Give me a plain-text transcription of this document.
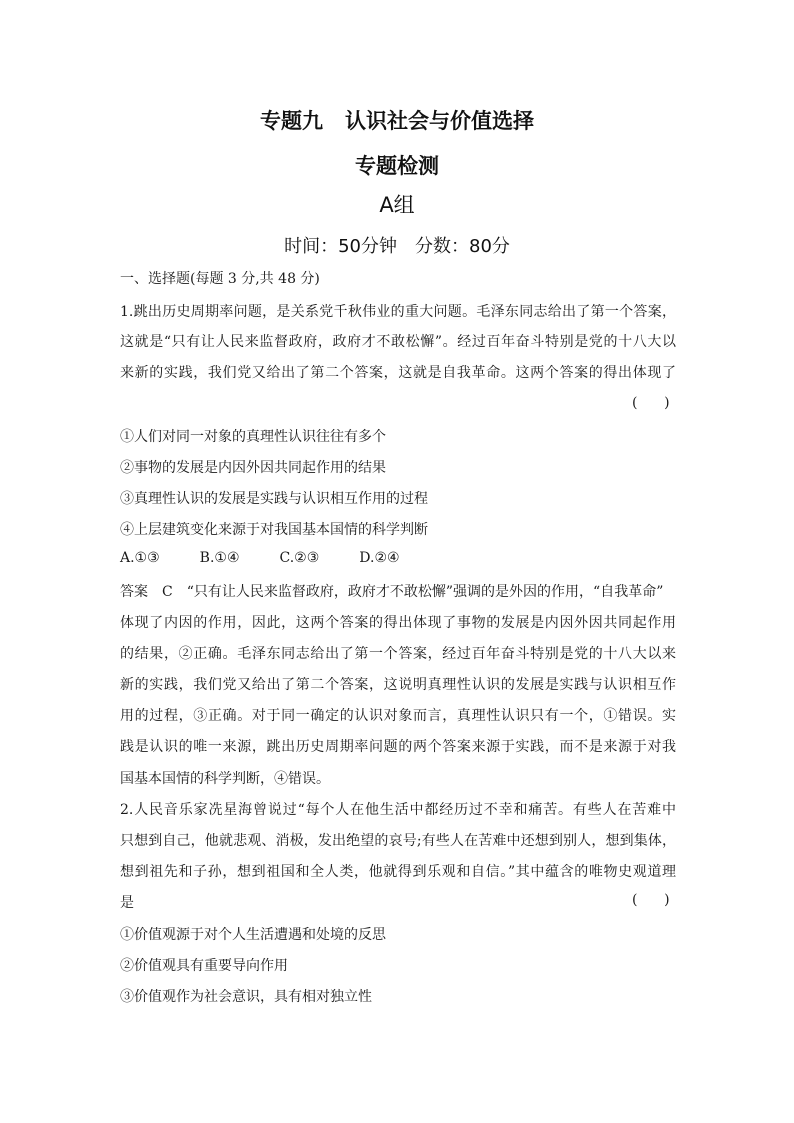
专题九 认识社会与价值选择
专题检测
A组
时间：50分钟 分数：80分
一、选择题(每题 3 分,共 48 分)
1.跳出历史周期率问题，是关系党千秋伟业的重大问题。毛泽东同志给出了第一个答案，
这就是“只有让人民来监督政府，政府才不敢松懈”。经过百年奋斗特别是党的十八大以
来新的实践，我们党又给出了第二个答案，这就是自我革命。这两个答案的得出体现了
(      )
①人们对同一对象的真理性认识往往有多个
②事物的发展是内因外因共同起作用的结果
③真理性认识的发展是实践与认识相互作用的过程
④上层建筑变化来源于对我国基本国情的科学判断
A.①③	B.①④	C.②③	D.②④
答案 C “只有让人民来监督政府，政府才不敢松懈”强调的是外因的作用，“自我革命”
体现了内因的作用，因此，这两个答案的得出体现了事物的发展是内因外因共同起作用
的结果，②正确。毛泽东同志给出了第一个答案，经过百年奋斗特别是党的十八大以来
新的实践，我们党又给出了第二个答案，这说明真理性认识的发展是实践与认识相互作
用的过程，③正确。对于同一确定的认识对象而言，真理性认识只有一个，①错误。实
践是认识的唯一来源，跳出历史周期率问题的两个答案来源于实践，而不是来源于对我
国基本国情的科学判断，④错误。
2.人民音乐家冼星海曾说过“每个人在他生活中都经历过不幸和痛苦。有些人在苦难中
只想到自己，他就悲观、消极，发出绝望的哀号;有些人在苦难中还想到别人，想到集体，
想到祖先和子孙，想到祖国和全人类，他就得到乐观和自信。”其中蕴含的唯物史观道理
是	(      )
①价值观源于对个人生活遭遇和处境的反思
②价值观具有重要导向作用
③价值观作为社会意识，具有相对独立性
